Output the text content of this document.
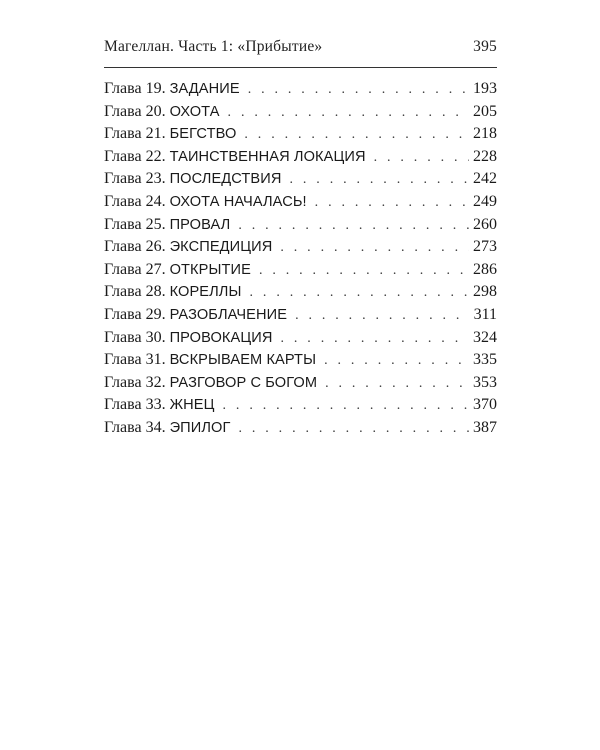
Магеллан. Часть 1: «Прибытие»	395
Глава 19. ЗАДАНИЕ . . .	193
Глава 20. ОХОТА . . .	205
Глава 21. БЕГСТВО . . .	218
Глава 22. ТАИНСТВЕННАЯ ЛОКАЦИЯ . . .	228
Глава 23. ПОСЛЕДСТВИЯ . . .	242
Глава 24. ОХОТА НАЧАЛАСЬ! . . .	249
Глава 25. ПРОВАЛ . . .	260
Глава 26. ЭКСПЕДИЦИЯ . . .	273
Глава 27. ОТКРЫТИЕ . . .	286
Глава 28. КОРЕЛЛЫ . . .	298
Глава 29. РАЗОБЛАЧЕНИЕ . . .	311
Глава 30. ПРОВОКАЦИЯ . . .	324
Глава 31. ВСКРЫВАЕМ КАРТЫ . . .	335
Глава 32. РАЗГОВОР С БОГОМ . . .	353
Глава 33. ЖНЕЦ . . .	370
Глава 34. ЭПИЛОГ . . .	387
